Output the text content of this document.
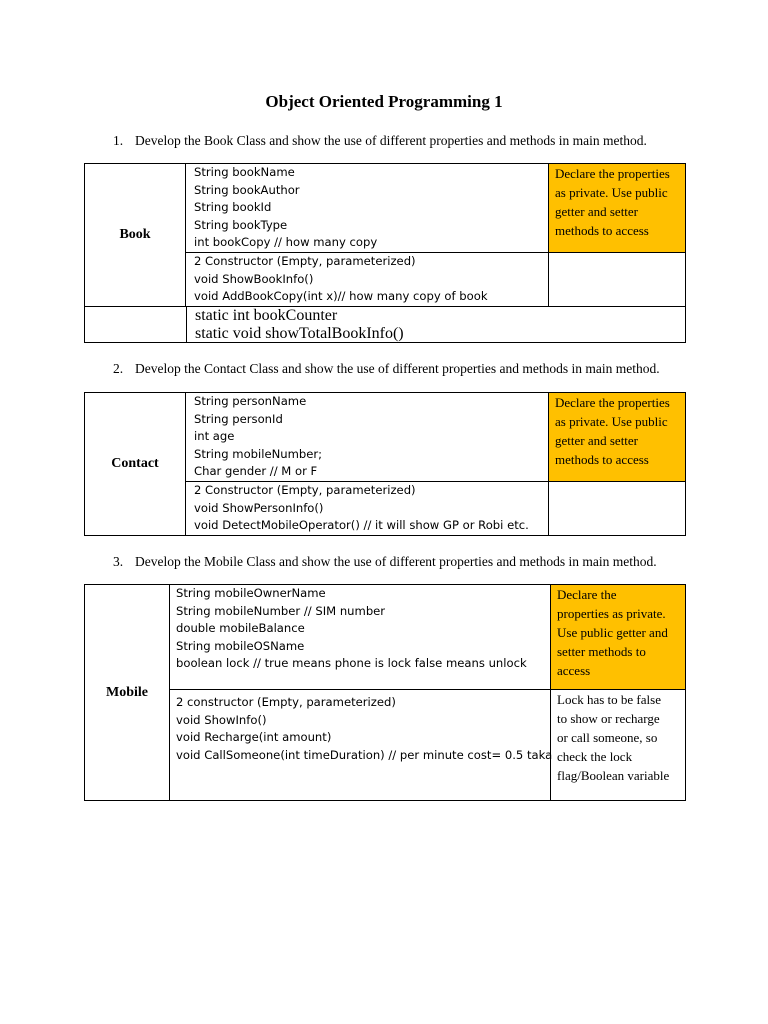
Object Oriented Programming 1
1. Develop the Book Class and show the use of different properties and methods in main method.
Book	String bookName
String bookAuthor
String bookId
String bookType
int bookCopy // how many copy	Declare the properties
as private. Use public
getter and setter
methods to access

	2 Constructor (Empty, parameterized)
void ShowBookInfo()
void AddBookCopy(int x)// how many copy of book	

static int bookCounter
static void showTotalBookInfo()		
2. Develop the Contact Class and show the use of different properties and methods in main method.
Contact	String personName
String personId
int age
String mobileNumber;
Char gender // M or F	Declare the properties
as private. Use public
getter and setter
methods to access

	2 Constructor (Empty, parameterized)
void ShowPersonInfo()
void DetectMobileOperator() // it will show GP or Robi etc.	

3. Develop the Mobile Class and show the use of different properties and methods in main method.
Mobile	String mobileOwnerName
String mobileNumber // SIM number
double mobileBalance
String mobileOSName
boolean lock // true means phone is lock false means unlock	Declare the
properties as private.
Use public getter and
setter methods to
access

	2 constructor (Empty, parameterized)
void ShowInfo()
void Recharge(int amount)
void CallSomeone(int timeDuration) // per minute cost= 0.5 taka	Lock has to be false
to show or recharge
or call someone, so
check the lock
flag/Boolean variable
